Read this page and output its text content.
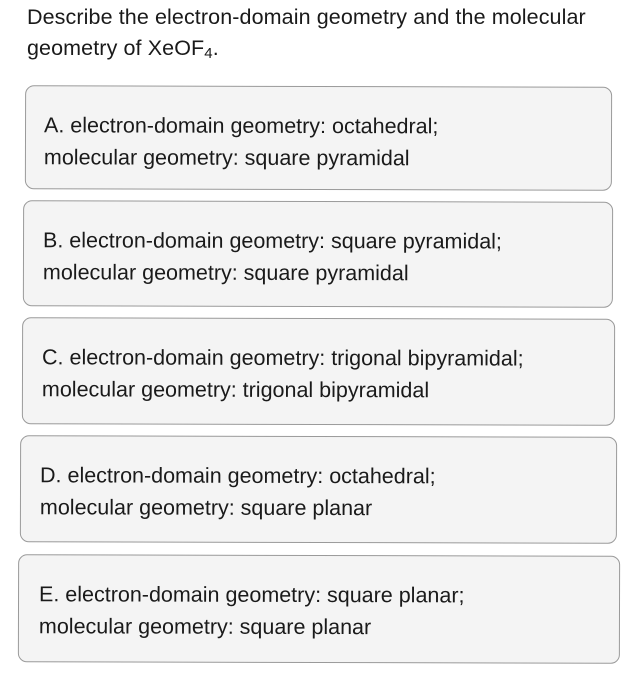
Describe the electron-domain geometry and the molecular geometry of XeOF$_4$.
A. electron-domain geometry: octahedral;
molecular geometry: square pyramidal
B. electron-domain geometry: square pyramidal;
molecular geometry: square pyramidal
C. electron-domain geometry: trigonal bipyramidal;
molecular geometry: trigonal bipyramidal
D. electron-domain geometry: octahedral;
molecular geometry: square planar
E. electron-domain geometry: square planar;
molecular geometry: square planar
